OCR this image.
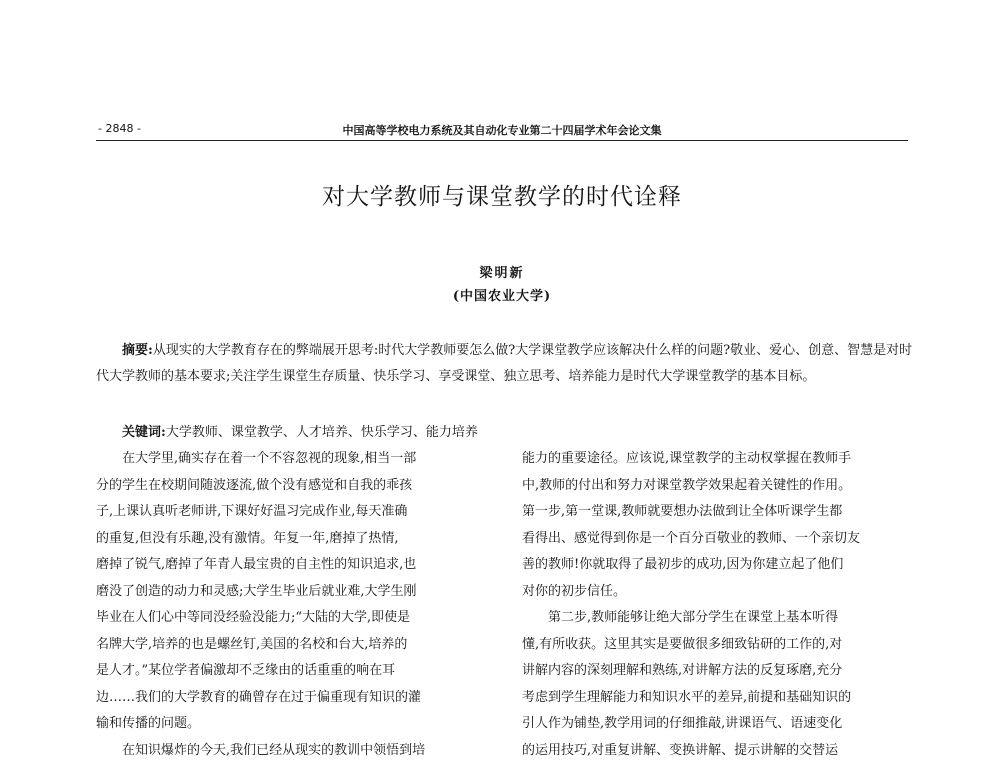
- 2848 -	中国高等学校电力系统及其自动化专业第二十四届学术年会论文集
对大学教师与课堂教学的时代诠释
梁明新
(中国农业大学)
摘要:从现实的大学教育存在的弊端展开思考:时代大学教师要怎么做?大学课堂教学应该解决什么样的问题?敬业、爱心、创意、智慧是对时代大学教师的基本要求;关注学生课堂生存质量、快乐学习、享受课堂、独立思考、培养能力是时代大学课堂教学的基本目标。
关键词:大学教师、课堂教学、人才培养、快乐学习、能力培养
在大学里,确实存在着一个不容忽视的现象,相当一部
分的学生在校期间随波逐流,做个没有感觉和自我的乖孩
子,上课认真听老师讲,下课好好温习完成作业,每天准确
的重复,但没有乐趣,没有激情。年复一年,磨掉了热情,
磨掉了锐气,磨掉了年青人最宝贵的自主性的知识追求,也
磨没了创造的动力和灵感;大学生毕业后就业难,大学生刚
毕业在人们心中等同没经验没能力;“大陆的大学,即使是
名牌大学,培养的也是螺丝钉,美国的名校和台大,培养的
是人才。”某位学者偏激却不乏缘由的话重重的响在耳
边……我们的大学教育的确曾存在过于偏重现有知识的灌
输和传播的问题。
在知识爆炸的今天,我们已经从现实的教训中领悟到培
能力的重要途径。应该说,课堂教学的主动权掌握在教师手
中,教师的付出和努力对课堂教学效果起着关键性的作用。
第一步,第一堂课,教师就要想办法做到让全体听课学生都
看得出、感觉得到你是一个百分百敬业的教师、一个亲切友
善的教师!你就取得了最初步的成功,因为你建立起了他们
对你的初步信任。
第二步,教师能够让绝大部分学生在课堂上基本听得
懂,有所收获。这里其实是要做很多细致钻研的工作的,对
讲解内容的深刻理解和熟练,对讲解方法的反复琢磨,充分
考虑到学生理解能力和知识水平的差异,前提和基础知识的
引人作为铺垫,教学用词的仔细推敲,讲课语气、语速变化
的运用技巧,对重复讲解、变换讲解、提示讲解的交替运
